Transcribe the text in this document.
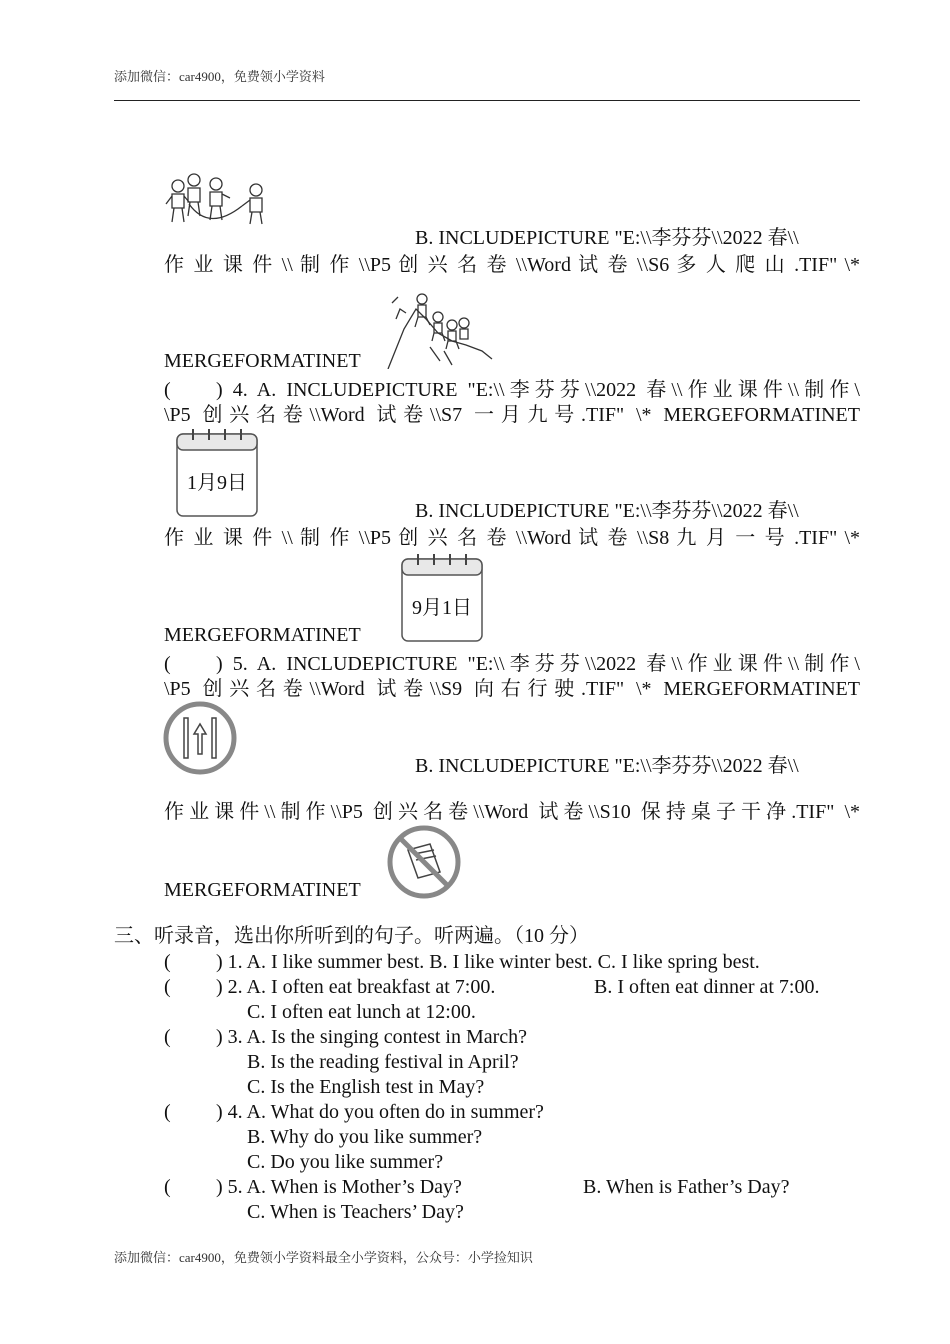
添加微信：car4900，免费领小学资料
B. INCLUDEPICTURE "E:\\李芬芬\\2022 春\\
作 业 课 件 \\ 制 作 \\P5 创 兴 名 卷 \\Word 试 卷 \\S6 多 人 爬 山 .TIF" \*
MERGEFORMATINET
( ) 4. A. INCLUDEPICTURE "E:\\李芬芬\\2022 春\\作业课件\\制作\
\P5 创兴名卷\\Word 试卷\\S7 一月九号.TIF" \* MERGEFORMATINET
1月9日
B. INCLUDEPICTURE "E:\\李芬芬\\2022 春\\
作 业 课 件 \\ 制 作 \\P5 创 兴 名 卷 \\Word 试 卷 \\S8 九 月 一 号 .TIF" \*
9月1日
MERGEFORMATINET
( ) 5. A. INCLUDEPICTURE "E:\\李芬芬\\2022 春\\作业课件\\制作\
\P5 创兴名卷\\Word 试卷\\S9 向右行驶.TIF" \* MERGEFORMATINET
B. INCLUDEPICTURE "E:\\李芬芬\\2022 春\\
作业课件\\制作\\P5 创兴名卷\\Word 试卷\\S10 保持桌子干净.TIF" \*
MERGEFORMATINET
三、听录音，选出你所听到的句子。听两遍。（10 分）
( ) 1. A. I like summer best. B. I like winter best. C. I like spring best.
( ) 2. A. I often eat breakfast at 7:00.	B. I often eat dinner at 7:00.
C. I often eat lunch at 12:00.
( ) 3. A. Is the singing contest in March?
B. Is the reading festival in April?
C. Is the English test in May?
( ) 4. A. What do you often do in summer?
B. Why do you like summer?
C. Do you like summer?
( ) 5. A. When is Mother’s Day?	B. When is Father’s Day?
C. When is Teachers’ Day?
添加微信：car4900，免费领小学资料最全小学资料，公众号：小学捡知识
